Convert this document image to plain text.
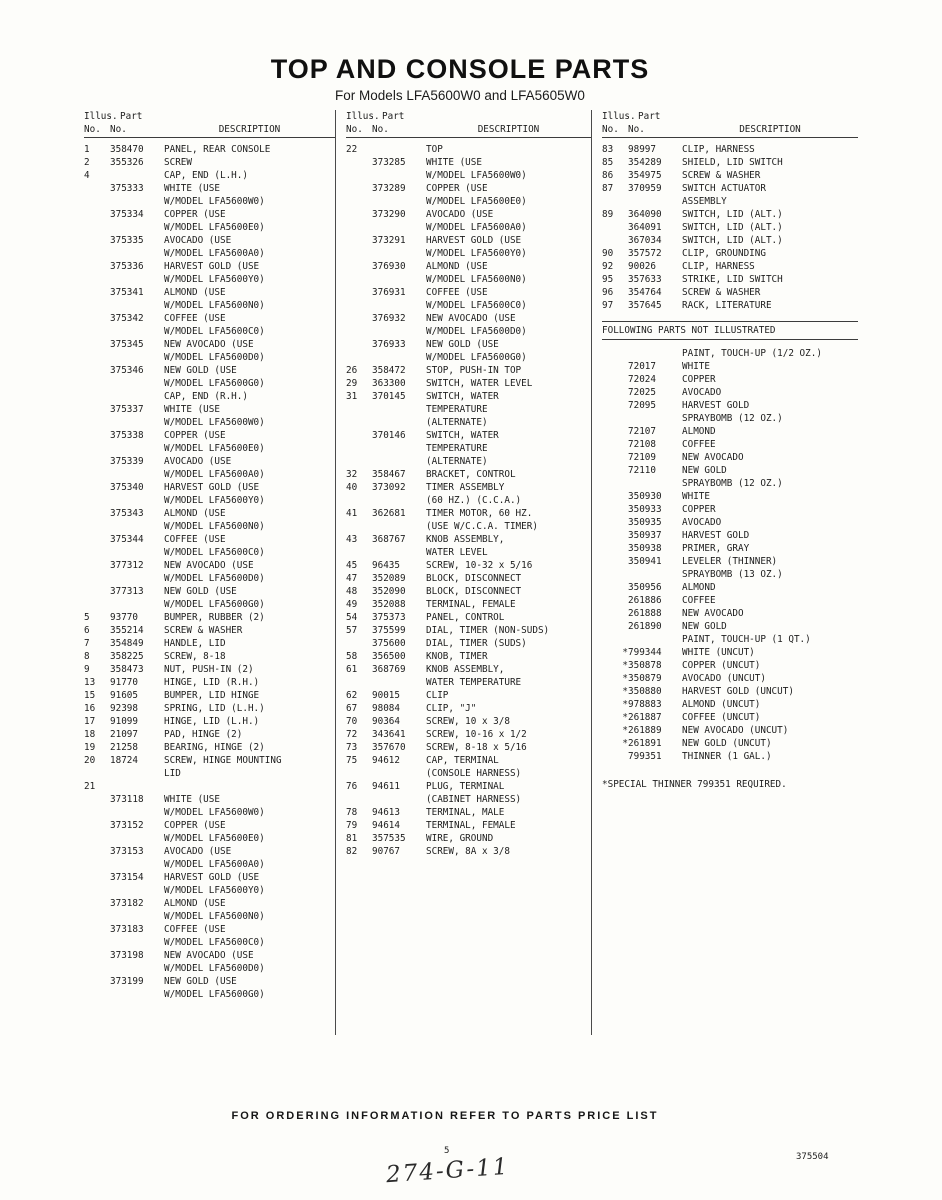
TOP AND CONSOLE PARTS
For Models LFA5600W0 and LFA5605W0
Illus. Part
No. No.	DESCRIPTION
1	358470	PANEL, REAR CONSOLE
2	355326	SCREW
4	CAP, END (L.H.)
375333	WHITE (USE
W/MODEL LFA5600W0)
375334	COPPER (USE
W/MODEL LFA5600E0)
375335	AVOCADO (USE
W/MODEL LFA5600A0)
375336	HARVEST GOLD (USE
W/MODEL LFA5600Y0)
375341	ALMOND (USE
W/MODEL LFA5600N0)
375342	COFFEE (USE
W/MODEL LFA5600C0)
375345	NEW AVOCADO (USE
W/MODEL LFA5600D0)
375346	NEW GOLD (USE
W/MODEL LFA5600G0)
CAP, END (R.H.)
375337	WHITE (USE
W/MODEL LFA5600W0)
375338	COPPER (USE
W/MODEL LFA5600E0)
375339	AVOCADO (USE
W/MODEL LFA5600A0)
375340	HARVEST GOLD (USE
W/MODEL LFA5600Y0)
375343	ALMOND (USE
W/MODEL LFA5600N0)
375344	COFFEE (USE
W/MODEL LFA5600C0)
377312	NEW AVOCADO (USE
W/MODEL LFA5600D0)
377313	NEW GOLD (USE
W/MODEL LFA5600G0)
5	93770	BUMPER, RUBBER (2)
6	355214	SCREW & WASHER
7	354849	HANDLE, LID
8	358225	SCREW, 8-18
9	358473	NUT, PUSH-IN (2)
13	91770	HINGE, LID (R.H.)
15	91605	BUMPER, LID HINGE
16	92398	SPRING, LID (L.H.)
17	91099	HINGE, LID (L.H.)
18	21097	PAD, HINGE (2)
19	21258	BEARING, HINGE (2)
20	18724	SCREW, HINGE MOUNTING
LID
21
373118	WHITE (USE
W/MODEL LFA5600W0)
373152	COPPER (USE
W/MODEL LFA5600E0)
373153	AVOCADO (USE
W/MODEL LFA5600A0)
373154	HARVEST GOLD (USE
W/MODEL LFA5600Y0)
373182	ALMOND (USE
W/MODEL LFA5600N0)
373183	COFFEE (USE
W/MODEL LFA5600C0)
373198	NEW AVOCADO (USE
W/MODEL LFA5600D0)
373199	NEW GOLD (USE
W/MODEL LFA5600G0)
Illus. Part
No. No.	DESCRIPTION
22	TOP
373285	WHITE (USE
W/MODEL LFA5600W0)
373289	COPPER (USE
W/MODEL LFA5600E0)
373290	AVOCADO (USE
W/MODEL LFA5600A0)
373291	HARVEST GOLD (USE
W/MODEL LFA5600Y0)
376930	ALMOND (USE
W/MODEL LFA5600N0)
376931	COFFEE (USE
W/MODEL LFA5600C0)
376932	NEW AVOCADO (USE
W/MODEL LFA5600D0)
376933	NEW GOLD (USE
W/MODEL LFA5600G0)
26	358472	STOP, PUSH-IN TOP
29	363300	SWITCH, WATER LEVEL
31	370145	SWITCH, WATER
TEMPERATURE
(ALTERNATE)
370146	SWITCH, WATER
TEMPERATURE
(ALTERNATE)
32	358467	BRACKET, CONTROL
40	373092	TIMER ASSEMBLY
(60 HZ.) (C.C.A.)
41	362681	TIMER MOTOR, 60 HZ.
(USE W/C.C.A. TIMER)
43	368767	KNOB ASSEMBLY,
WATER LEVEL
45	96435	SCREW, 10-32 x 5/16
47	352089	BLOCK, DISCONNECT
48	352090	BLOCK, DISCONNECT
49	352088	TERMINAL, FEMALE
54	375373	PANEL, CONTROL
57	375599	DIAL, TIMER (NON-SUDS)
375600	DIAL, TIMER (SUDS)
58	356500	KNOB, TIMER
61	368769	KNOB ASSEMBLY,
WATER TEMPERATURE
62	90015	CLIP
67	98084	CLIP, "J"
70	90364	SCREW, 10 x 3/8
72	343641	SCREW, 10-16 x 1/2
73	357670	SCREW, 8-18 x 5/16
75	94612	CAP, TERMINAL
(CONSOLE HARNESS)
76	94611	PLUG, TERMINAL
(CABINET HARNESS)
78	94613	TERMINAL, MALE
79	94614	TERMINAL, FEMALE
81	357535	WIRE, GROUND
82	90767	SCREW, 8A x 3/8
Illus. Part
No. No.	DESCRIPTION
83	98997	CLIP, HARNESS
85	354289	SHIELD, LID SWITCH
86	354975	SCREW & WASHER
87	370959	SWITCH ACTUATOR
ASSEMBLY
89	364090	SWITCH, LID (ALT.)
364091	SWITCH, LID (ALT.)
367034	SWITCH, LID (ALT.)
90	357572	CLIP, GROUNDING
92	90026	CLIP, HARNESS
95	357633	STRIKE, LID SWITCH
96	354764	SCREW & WASHER
97	357645	RACK, LITERATURE
FOLLOWING PARTS NOT ILLUSTRATED
PAINT, TOUCH-UP (1/2 OZ.)
72017	WHITE
72024	COPPER
72025	AVOCADO
72095	HARVEST GOLD
SPRAYBOMB (12 OZ.)
72107	ALMOND
72108	COFFEE
72109	NEW AVOCADO
72110	NEW GOLD
SPRAYBOMB (12 OZ.)
350930	WHITE
350933	COPPER
350935	AVOCADO
350937	HARVEST GOLD
350938	PRIMER, GRAY
350941	LEVELER (THINNER)
SPRAYBOMB (13 OZ.)
350956	ALMOND
261886	COFFEE
261888	NEW AVOCADO
261890	NEW GOLD
PAINT, TOUCH-UP (1 QT.)
*799344	WHITE (UNCUT)
*350878	COPPER (UNCUT)
*350879	AVOCADO (UNCUT)
*350880	HARVEST GOLD (UNCUT)
*978883	ALMOND (UNCUT)
*261887	COFFEE (UNCUT)
*261889	NEW AVOCADO (UNCUT)
*261891	NEW GOLD (UNCUT)
799351	THINNER (1 GAL.)
*SPECIAL THINNER 799351 REQUIRED.
FOR ORDERING INFORMATION REFER TO PARTS PRICE LIST
5
375504
274-G-11
